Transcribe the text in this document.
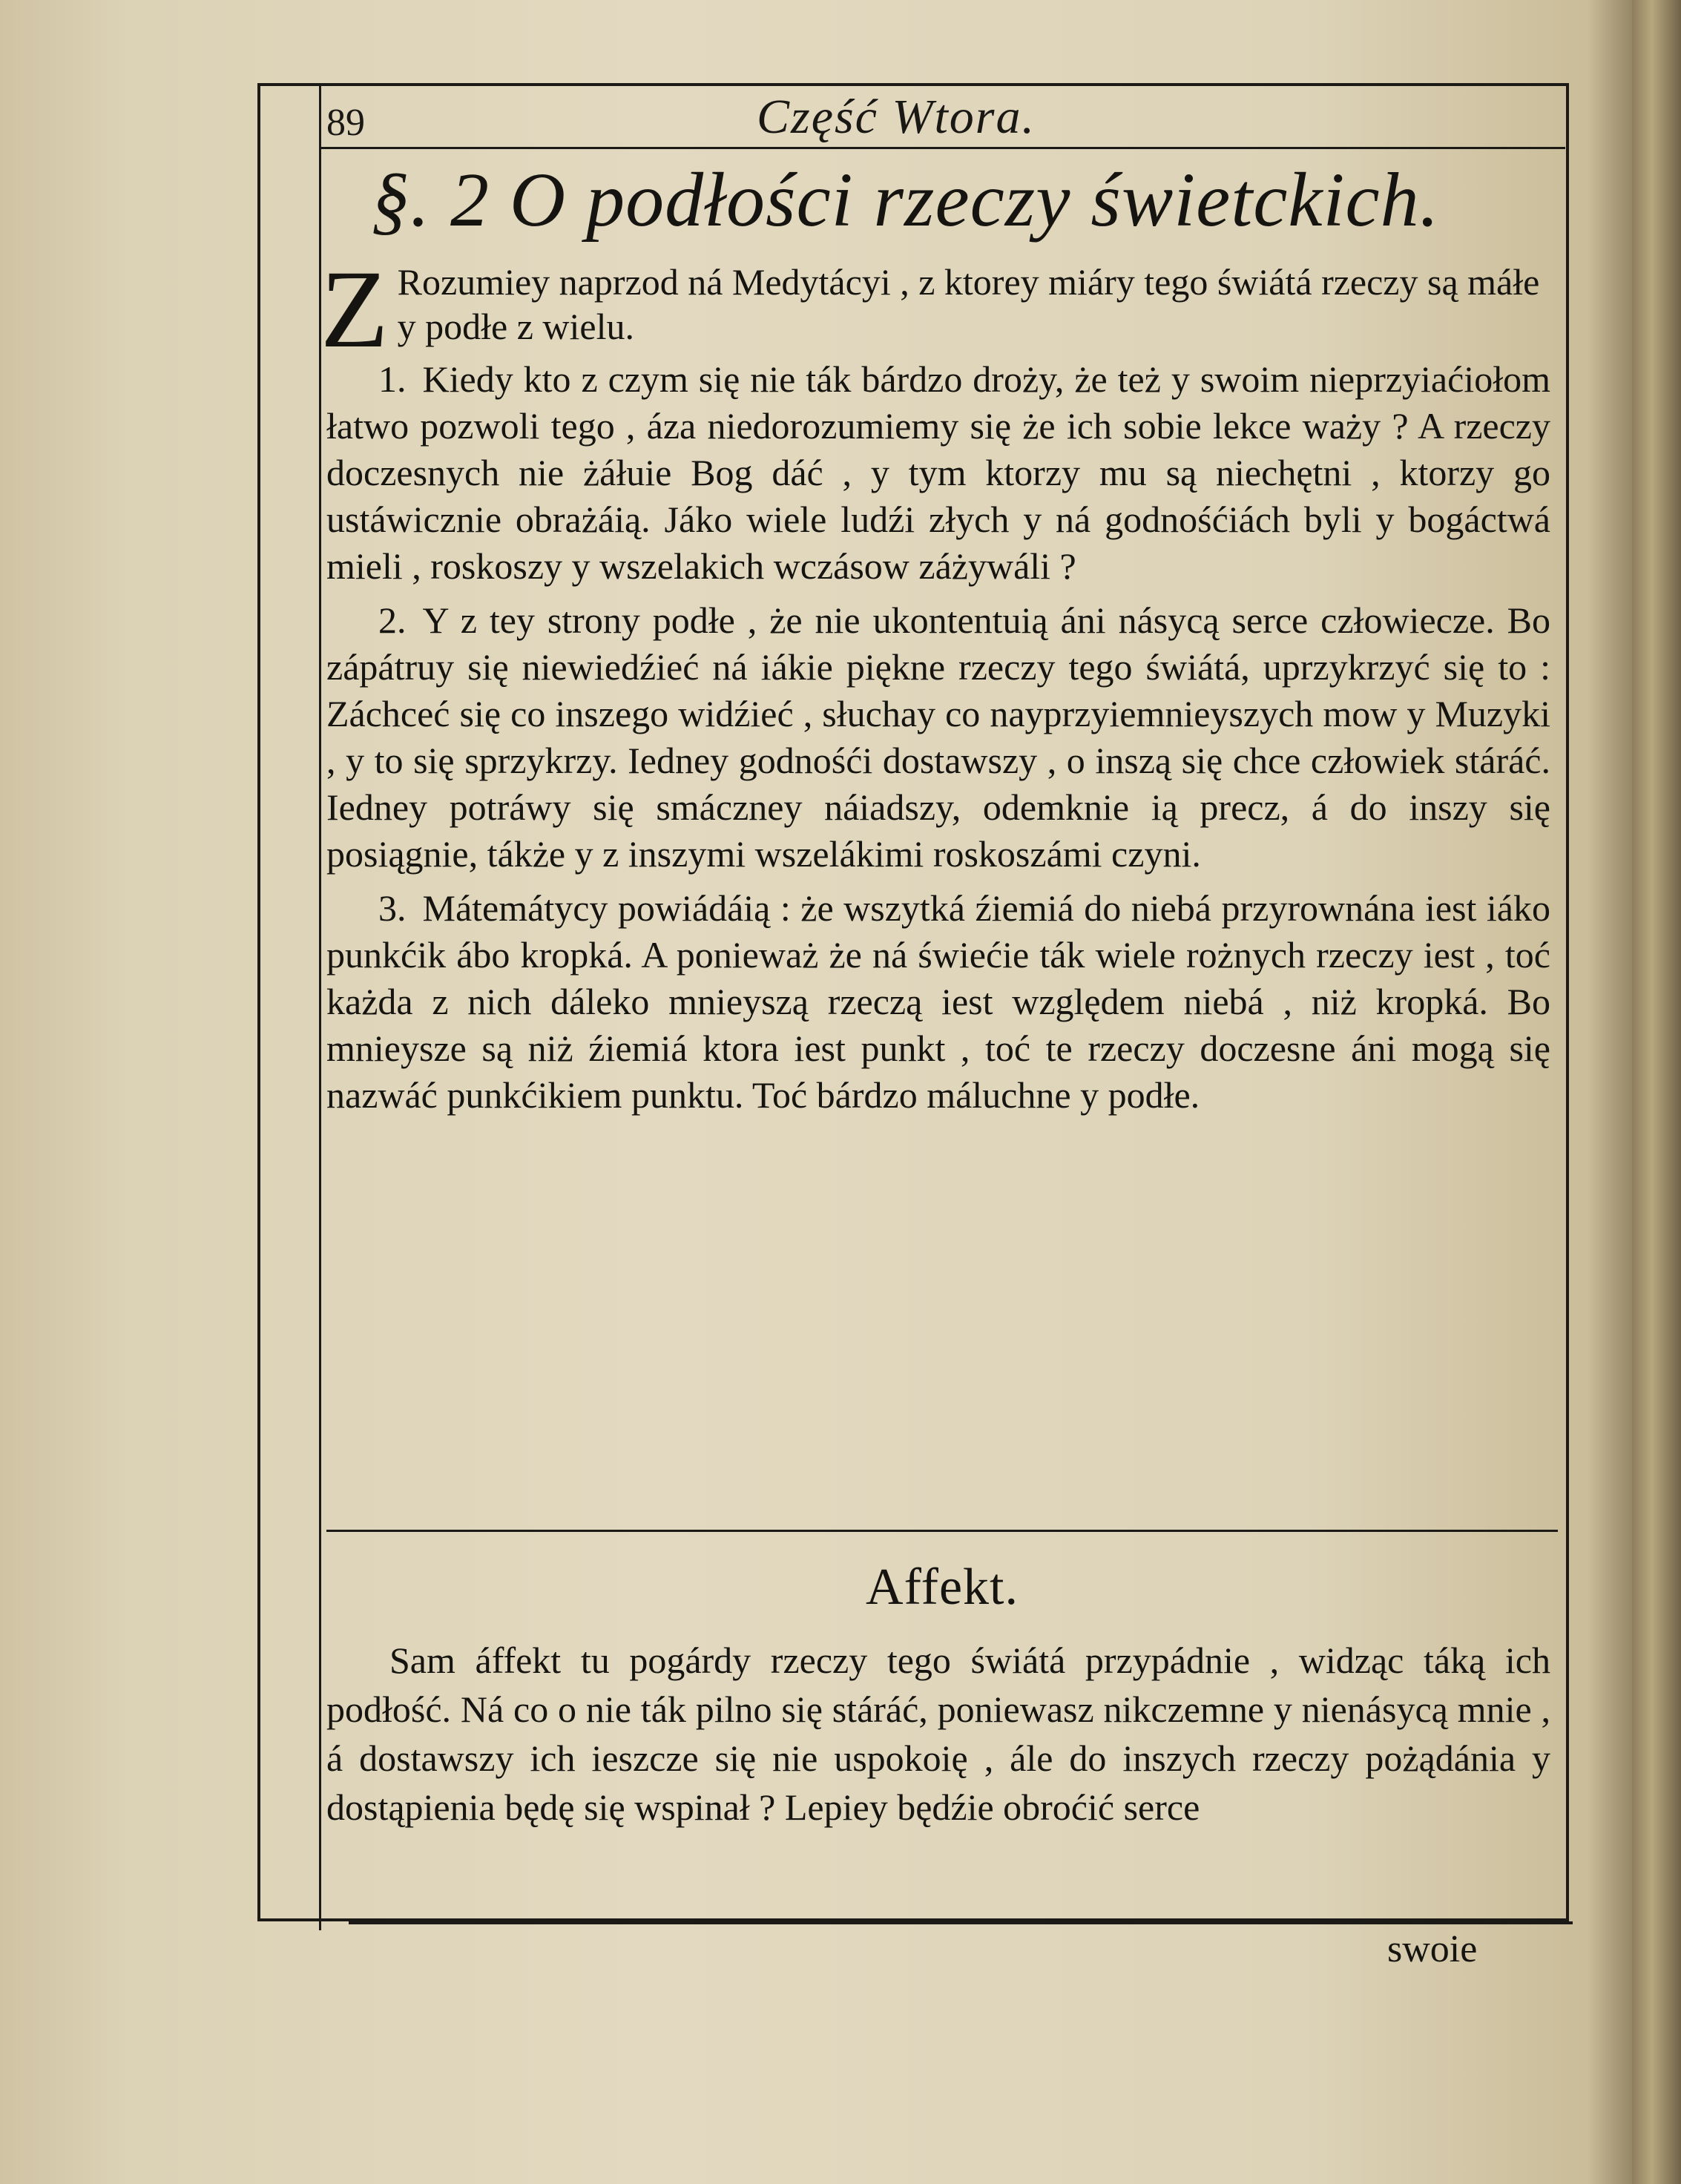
89	Część Wtora.
§. 2 O podłości rzeczy świetckich.

Z Rozumiey naprzod ná Medytácyi , z ktorey miáry tego świátá rzeczy są máłe y podłe z wielu.

1. Kiedy kto z czym się nie ták bárdzo droży, że też y swoim nieprzyiaćiołom łatwo pozwoli tego , áza niedorozumiemy się że ich sobie lekce waży ? A rzeczy doczesnych nie żáłuie Bog dáć , y tym ktorzy mu są niechętni , ktorzy go ustáwicznie obrażáią. Jáko wiele ludźi złych y ná godnośćiách byli y bogáctwá mieli , roskoszy y wszelakich wczásow záżywáli ?

2. Y z tey strony podłe , że nie ukontentuią áni násycą serce człowiecze. Bo zápátruy się niewiedźieć ná iákie piękne rzeczy tego świátá, uprzykrzyć się to : Záchceć się co inszego widźieć , słuchay co nayprzyiemnieyszych mow y Muzyki , y to się sprzykrzy. Iedney godnośći dostawszy , o inszą się chce człowiek stáráć. Iedney potráwy się smáczney náiadszy, odemknie ią precz, á do inszy się posiągnie, tákże y z inszymi wszelákimi roskoszámi czyni.

3. Mátemátycy powiádáią : że wszytká źiemiá do niebá przyrownána iest iáko punkćik ábo kropká. A ponieważ że ná świećie ták wiele rożnych rzeczy iest , toć każda z nich dáleko mnieyszą rzeczą iest względem niebá , niż kropká. Bo mnieysze są niż źiemiá ktora iest punkt , toć te rzeczy doczesne áni mogą się nazwáć punkćikiem punktu. Toć bárdzo máluchne y podłe.

Affekt.

Sam áffekt tu pogárdy rzeczy tego świátá przypádnie , widząc táką ich podłość. Ná co o nie ták pilno się stáráć, poniewasz nikczemne y nienásycą mnie , á dostawszy ich ieszcze się nie uspokoię , ále do inszych rzeczy pożądánia y dostąpienia będę się wspinał ? Lepiey będźie obroćić serce

swoie
